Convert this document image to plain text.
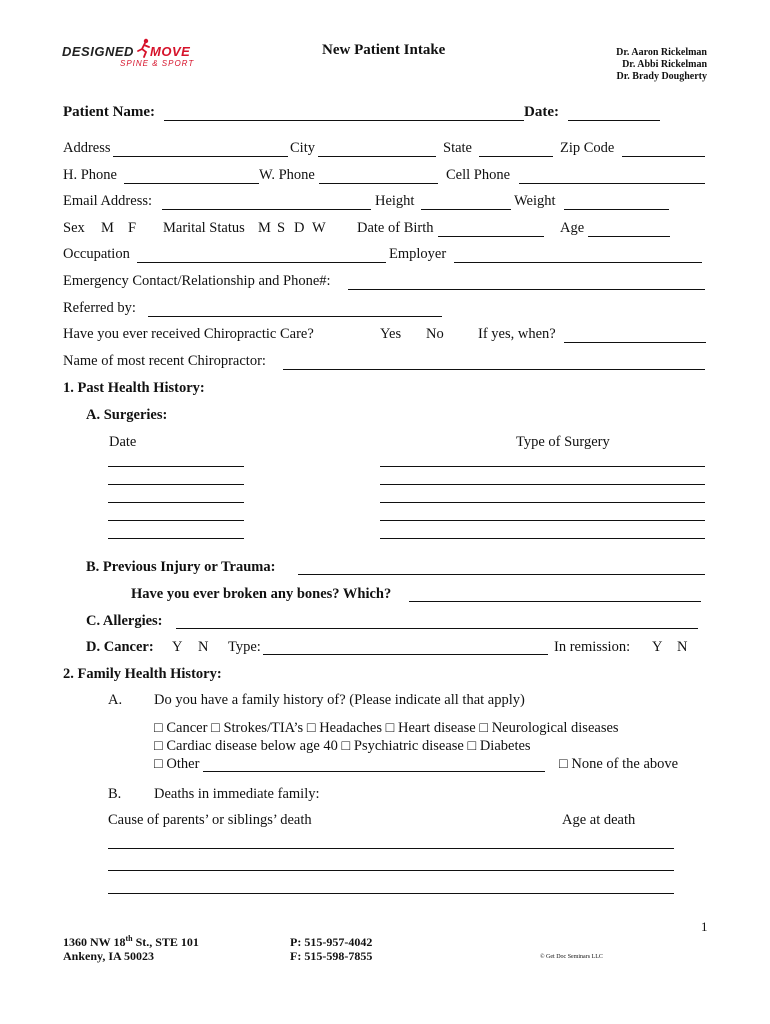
DESIGNED MOVE
SPINE & SPORT
New Patient Intake	Dr. Aaron Rickelman
Dr. Abbi Rickelman
Dr. Brady Dougherty
Patient Name:	Date:
Address	City	State	Zip Code
H. Phone	W. Phone	Cell Phone
Email Address:	Height	Weight
Sex M F Marital Status M S D W Date of Birth	Age
Occupation	Employer
Emergency Contact/Relationship and Phone#:
Referred by:
Have you ever received Chiropractic Care?	Yes No If yes, when?
Name of most recent Chiropractor:
1. Past Health History:
A. Surgeries:
Date	Type of Surgery
B. Previous Injury or Trauma:
Have you ever broken any bones? Which?
C. Allergies:
D. Cancer: Y N Type:	In remission: Y N
2. Family Health History:
A. Do you have a family history of? (Please indicate all that apply)
□ Cancer □ Strokes/TIA’s □ Headaches □ Heart disease □ Neurological diseases
□ Cardiac disease below age 40 □ Psychiatric disease □ Diabetes
□ Other	□ None of the above
B. Deaths in immediate family:
Cause of parents’ or siblings’ death	Age at death
1
1360 NW 18th St., STE 101
Ankeny, IA 50023
P: 515-957-4042
F: 515-598-7855	© Get Doc Seminars LLC
